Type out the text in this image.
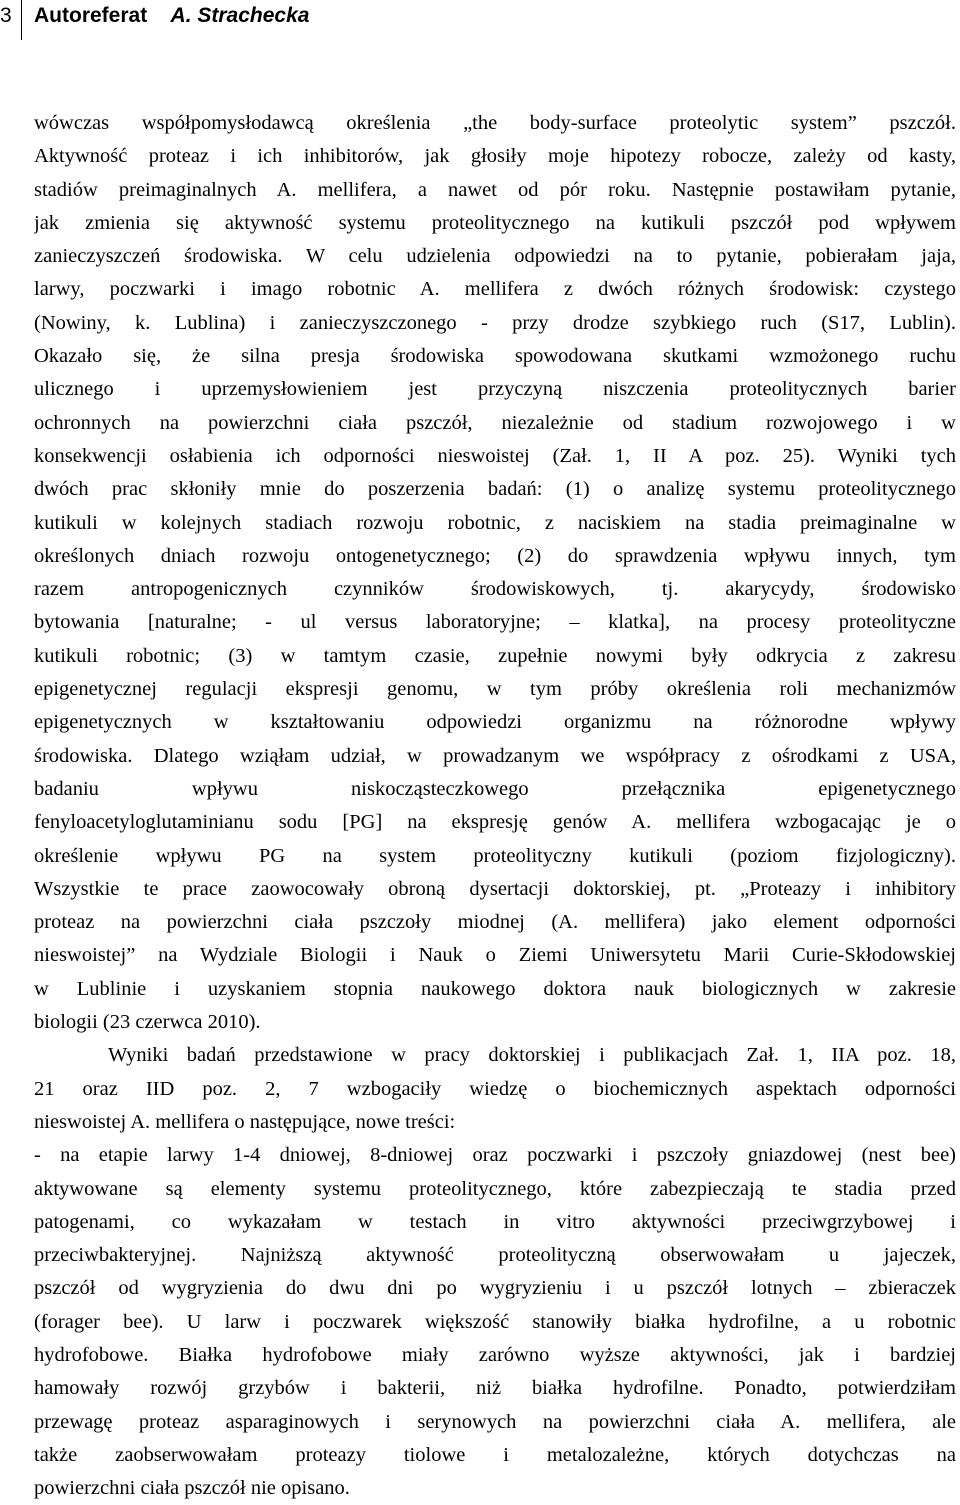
3 Autoreferat A. Strachecka
wówczas współpomysłodawcą określenia „the body-surface proteolytic system” pszczół.
Aktywność proteaz i ich inhibitorów, jak głosiły moje hipotezy robocze, zależy od kasty,
stadiów preimaginalnych A. mellifera, a nawet od pór roku. Następnie postawiłam pytanie,
jak zmienia się aktywność systemu proteolitycznego na kutikuli pszczół pod wpływem
zanieczyszczeń środowiska. W celu udzielenia odpowiedzi na to pytanie, pobierałam jaja,
larwy, poczwarki i imago robotnic A. mellifera z dwóch różnych środowisk: czystego
(Nowiny, k. Lublina) i zanieczyszczonego - przy drodze szybkiego ruch (S17, Lublin).
Okazało się, że silna presja środowiska spowodowana skutkami wzmożonego ruchu
ulicznego i uprzemysłowieniem jest przyczyną niszczenia proteolitycznych barier
ochronnych na powierzchni ciała pszczół, niezależnie od stadium rozwojowego i w
konsekwencji osłabienia ich odporności nieswoistej (Zał. 1, II A poz. 25). Wyniki tych
dwóch prac skłoniły mnie do poszerzenia badań: (1) o analizę systemu proteolitycznego
kutikuli w kolejnych stadiach rozwoju robotnic, z naciskiem na stadia preimaginalne w
określonych dniach rozwoju ontogenetycznego; (2) do sprawdzenia wpływu innych, tym
razem antropogenicznych czynników środowiskowych, tj. akarycydy, środowisko
bytowania [naturalne; - ul versus laboratoryjne; – klatka], na procesy proteolityczne
kutikuli robotnic; (3) w tamtym czasie, zupełnie nowymi były odkrycia z zakresu
epigenetycznej regulacji ekspresji genomu, w tym próby określenia roli mechanizmów
epigenetycznych w kształtowaniu odpowiedzi organizmu na różnorodne wpływy
środowiska. Dlatego wziąłam udział, w prowadzanym we współpracy z ośrodkami z USA,
badaniu wpływu niskocząsteczkowego przełącznika epigenetycznego
fenyloacetyloglutaminianu sodu [PG] na ekspresję genów A. mellifera wzbogacając je o
określenie wpływu PG na system proteolityczny kutikuli (poziom fizjologiczny).
Wszystkie te prace zaowocowały obroną dysertacji doktorskiej, pt. „Proteazy i inhibitory
proteaz na powierzchni ciała pszczoły miodnej (A. mellifera) jako element odporności
nieswoistej” na Wydziale Biologii i Nauk o Ziemi Uniwersytetu Marii Curie-Skłodowskiej
w Lublinie i uzyskaniem stopnia naukowego doktora nauk biologicznych w zakresie
biologii (23 czerwca 2010).
Wyniki badań przedstawione w pracy doktorskiej i publikacjach Zał. 1, IIA poz. 18,
21 oraz IID poz. 2, 7 wzbogaciły wiedzę o biochemicznych aspektach odporności
nieswoistej A. mellifera o następujące, nowe treści:
- na etapie larwy 1-4 dniowej, 8-dniowej oraz poczwarki i pszczoły gniazdowej (nest bee)
aktywowane są elementy systemu proteolitycznego, które zabezpieczają te stadia przed
patogenami, co wykazałam w testach in vitro aktywności przeciwgrzybowej i
przeciwbakteryjnej. Najniższą aktywność proteolityczną obserwowałam u jajeczek,
pszczół od wygryzienia do dwu dni po wygryzieniu i u pszczół lotnych – zbieraczek
(forager bee). U larw i poczwarek większość stanowiły białka hydrofilne, a u robotnic
hydrofobowe. Białka hydrofobowe miały zarówno wyższe aktywności, jak i bardziej
hamowały rozwój grzybów i bakterii, niż białka hydrofilne. Ponadto, potwierdziłam
przewagę proteaz asparaginowych i serynowych na powierzchni ciała A. mellifera, ale
także zaobserwowałam proteazy tiolowe i metalozależne, których dotychczas na
powierzchni ciała pszczół nie opisano.
